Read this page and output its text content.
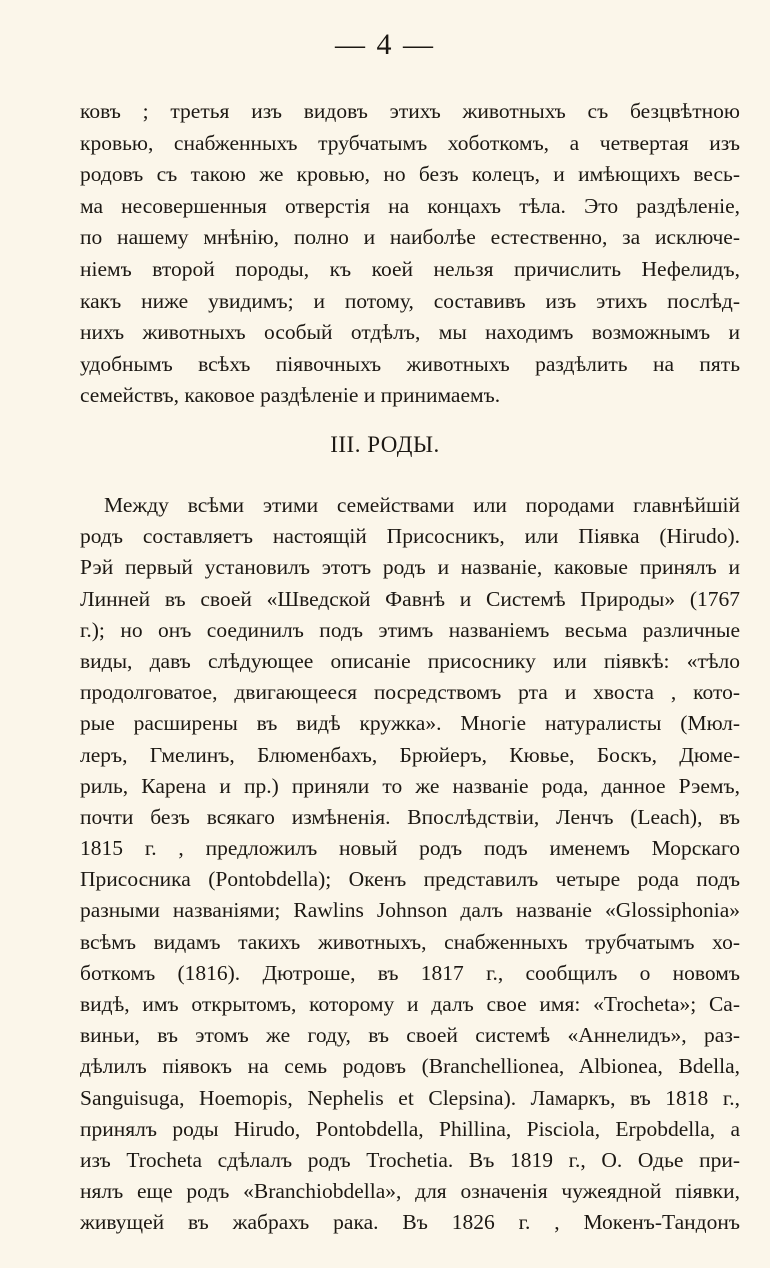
— 4 —
ковъ ; третья изъ видовъ этихъ животныхъ съ безцвѣтною
кровью, снабженныхъ трубчатымъ хоботкомъ, а четвертая изъ
родовъ съ такою же кровью, но безъ колецъ, и имѣющихъ весь-
ма несовершенныя отверстія на концахъ тѣла. Это раздѣленіе,
по нашему мнѣнію, полно и наиболѣе естественно, за исключе-
ніемъ второй породы, къ коей нельзя причислить Нефелидъ,
какъ ниже увидимъ; и потому, составивъ изъ этихъ послѣд-
нихъ животныхъ особый отдѣлъ, мы находимъ возможнымъ и
удобнымъ всѣхъ піявочныхъ животныхъ раздѣлить на пять
семействъ, каковое раздѣленіе и принимаемъ.
III. РОДЫ.
Между всѣми этими семействами или породами главнѣйшій
родъ составляетъ настоящій Присосникъ, или Піявка (Hirudo).
Рэй первый установилъ этотъ родъ и названіе, каковые принялъ и
Линней въ своей «Шведской Фавнѣ и Системѣ Природы» (1767
г.); но онъ соединилъ подъ этимъ названіемъ весьма различные
виды, давъ слѣдующее описаніе присоснику или піявкѣ: «тѣло
продолговатое, двигающееся посредствомъ рта и хвоста , кото-
рые расширены въ видѣ кружка». Многіе натуралисты (Мюл-
леръ, Гмелинъ, Блюменбахъ, Брюйеръ, Кювье, Боскъ, Дюме-
риль, Карена и пр.) приняли то же названіе рода, данное Рэемъ,
почти безъ всякаго измѣненія. Впослѣдствіи, Ленчъ (Leach), въ
1815 г. , предложилъ новый родъ подъ именемъ Морскаго
Присосника (Pontobdella); Окенъ представилъ четыре рода подъ
разными названіями; Rawlins Johnson далъ названіе «Glossiphonia»
всѣмъ видамъ такихъ животныхъ, снабженныхъ трубчатымъ хо-
боткомъ (1816). Дютроше, въ 1817 г., сообщилъ о новомъ
видѣ, имъ открытомъ, которому и далъ свое имя: «Trocheta»; Са-
виньи, въ этомъ же году, въ своей системѣ «Аннелидъ», раз-
дѣлилъ піявокъ на семь родовъ (Branchellionea, Albionea, Bdella,
Sanguisuga, Hoemopis, Nephelis et Clepsina). Ламаркъ, въ 1818 г.,
принялъ роды Hirudo, Pontobdella, Phillina, Pisciola, Erpobdella, а
изъ Trocheta сдѣлалъ родъ Trochetia. Въ 1819 г., О. Одье при-
нялъ еще родъ «Branchiobdella», для означенія чужеядной піявки,
живущей въ жабрахъ рака. Въ 1826 г. , Мокенъ-Тандонъ
